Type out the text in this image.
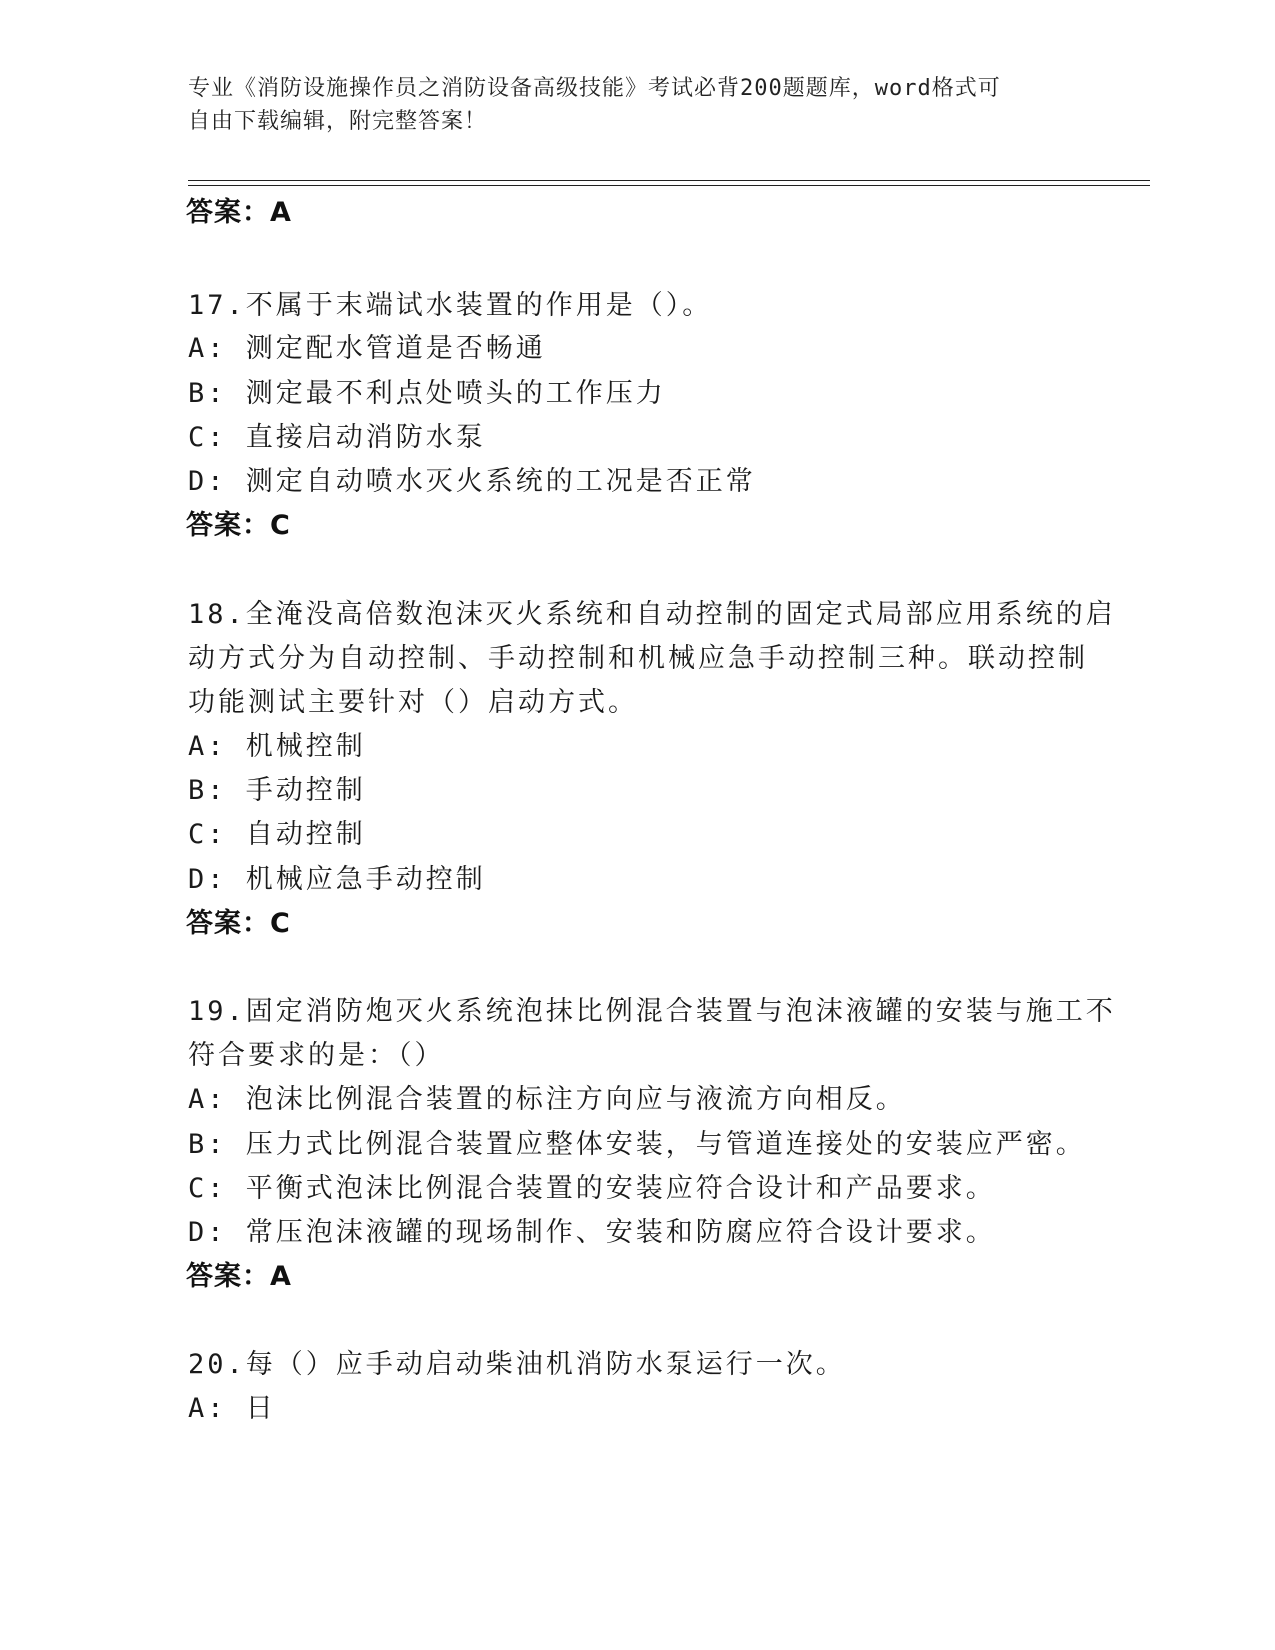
专业《消防设施操作员之消防设备高级技能》考试必背200题题库，word格式可
自由下载编辑，附完整答案！
答案：A
17.不属于末端试水装置的作用是（）。
A: 测定配水管道是否畅通
B: 测定最不利点处喷头的工作压力
C: 直接启动消防水泵
D: 测定自动喷水灭火系统的工况是否正常
答案：C
18.全淹没高倍数泡沫灭火系统和自动控制的固定式局部应用系统的启
动方式分为自动控制、手动控制和机械应急手动控制三种。联动控制
功能测试主要针对（）启动方式。
A: 机械控制
B: 手动控制
C: 自动控制
D: 机械应急手动控制
答案：C
19.固定消防炮灭火系统泡抹比例混合装置与泡沫液罐的安装与施工不
符合要求的是：（）
A: 泡沫比例混合装置的标注方向应与液流方向相反。
B: 压力式比例混合装置应整体安装，与管道连接处的安装应严密。
C: 平衡式泡沫比例混合装置的安装应符合设计和产品要求。
D: 常压泡沫液罐的现场制作、安装和防腐应符合设计要求。
答案：A
20.每（）应手动启动柴油机消防水泵运行一次。
A: 日
